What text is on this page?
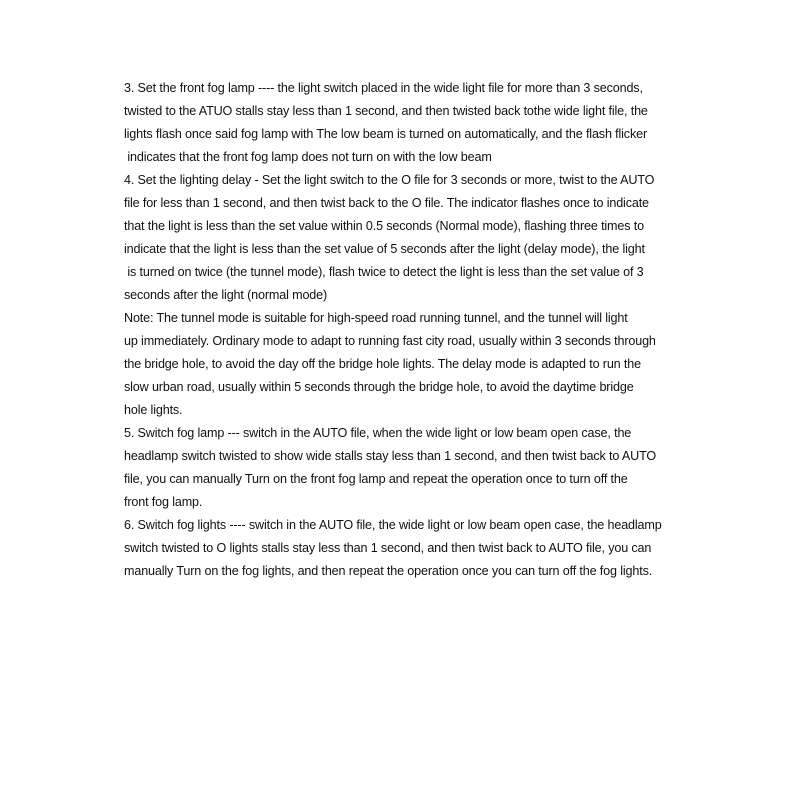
3. Set the front fog lamp ---- the light switch placed in the wide light file for more than 3 seconds,
twisted to the ATUO stalls stay less than 1 second, and then twisted back tothe wide light file, the
lights flash once said fog lamp with The low beam is turned on automatically, and the flash flicker
indicates that the front fog lamp does not turn on with the low beam
4. Set the lighting delay - Set the light switch to the O file for 3 seconds or more, twist to the AUTO
file for less than 1 second, and then twist back to the O file. The indicator flashes once to indicate
that the light is less than the set value within 0.5 seconds (Normal mode), flashing three times to
indicate that the light is less than the set value of 5 seconds after the light (delay mode), the light
is turned on twice (the tunnel mode), flash twice to detect the light is less than the set value of 3
seconds after the light (normal mode)
Note: The tunnel mode is suitable for high-speed road running tunnel, and the tunnel will light
up immediately. Ordinary mode to adapt to running fast city road, usually within 3 seconds through
the bridge hole, to avoid the day off the bridge hole lights. The delay mode is adapted to run the
slow urban road, usually within 5 seconds through the bridge hole, to avoid the daytime bridge
hole lights.
5. Switch fog lamp --- switch in the AUTO file, when the wide light or low beam open case, the
headlamp switch twisted to show wide stalls stay less than 1 second, and then twist back to AUTO
file, you can manually Turn on the front fog lamp and repeat the operation once to turn off the
front fog lamp.
6. Switch fog lights ---- switch in the AUTO file, the wide light or low beam open case, the headlamp
switch twisted to O lights stalls stay less than 1 second, and then twist back to AUTO file, you can
manually Turn on the fog lights, and then repeat the operation once you can turn off the fog lights.
